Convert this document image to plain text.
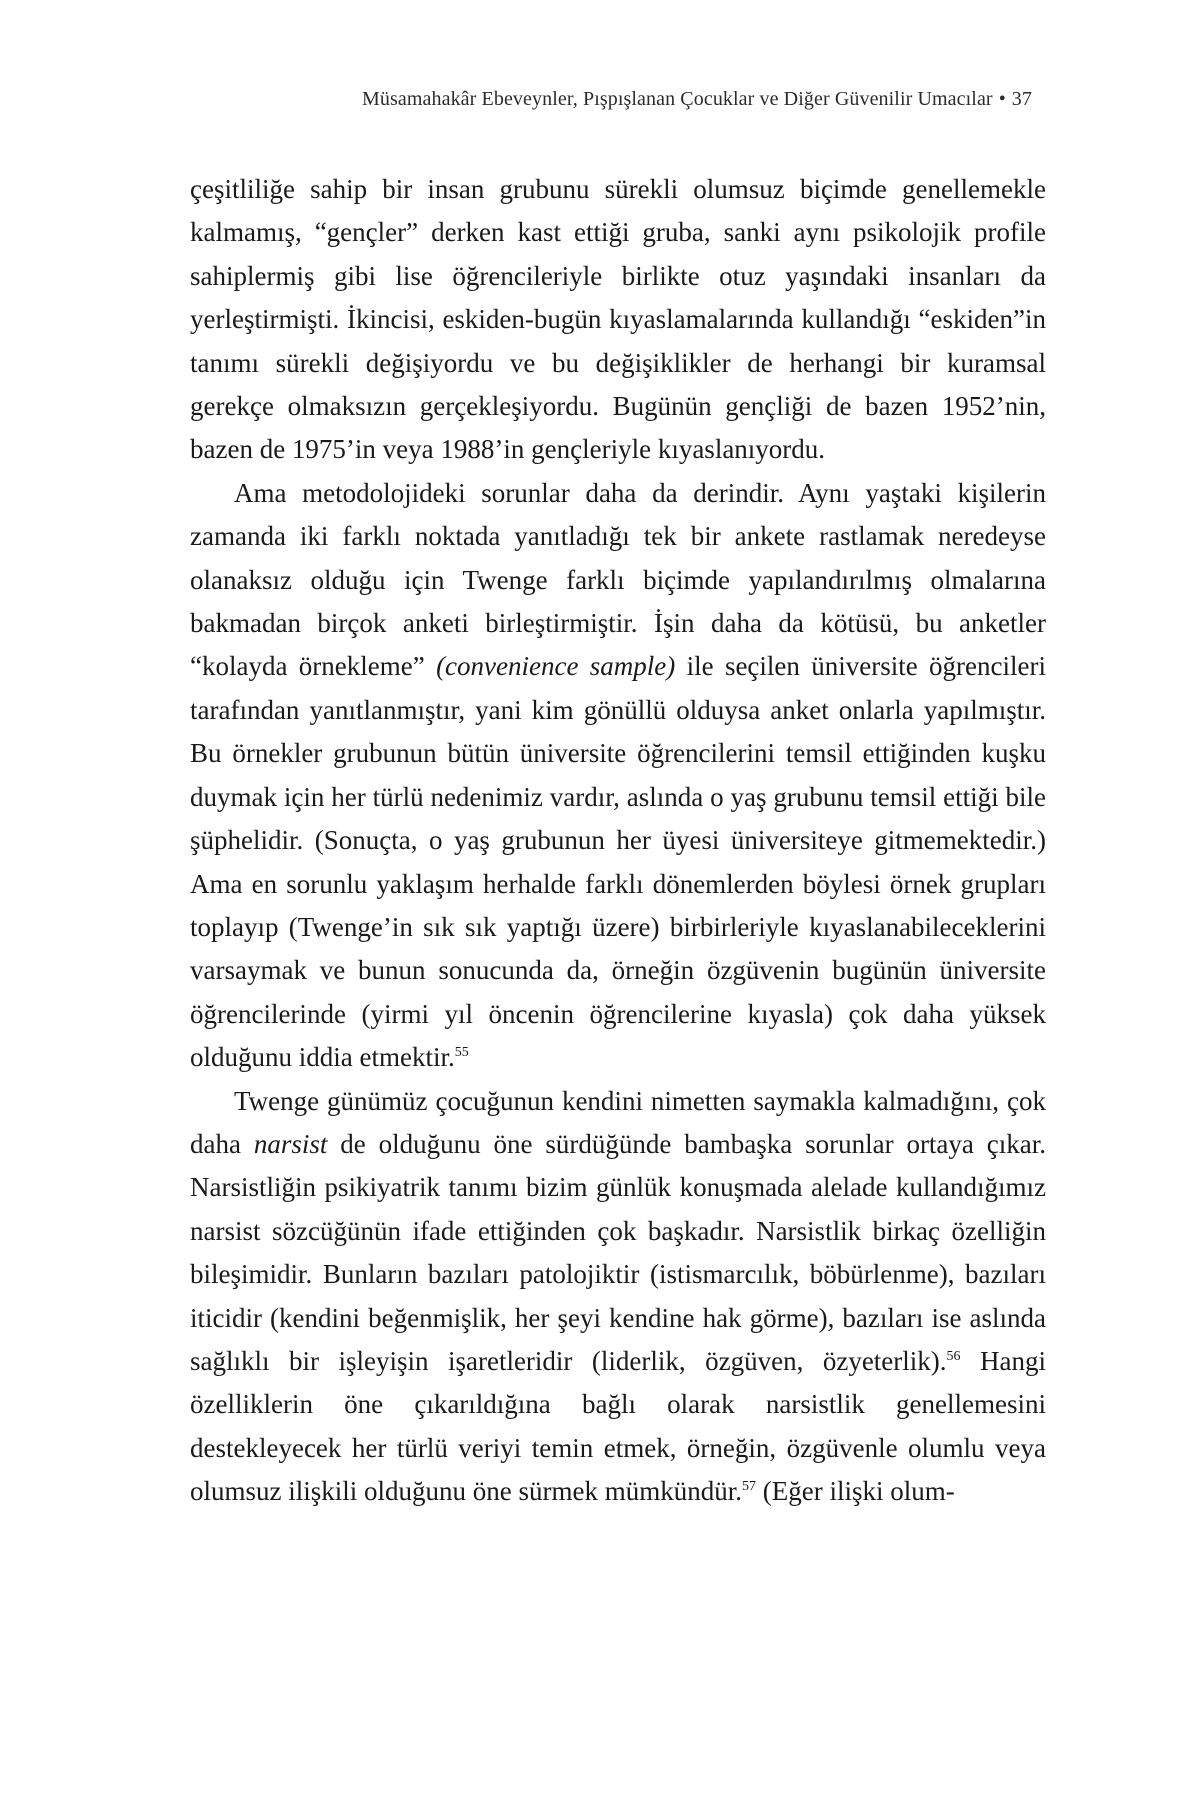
Müsamahakâr Ebeveynler, Pışpışlanan Çocuklar ve Diğer Güvenilir Umacılar • 37

çeşitliliğe sahip bir insan grubunu sürekli olumsuz biçimde genellemekle kalmamış, “gençler” derken kast ettiği gruba, sanki aynı psikolojik profile sahiplermiş gibi lise öğrencileriyle birlikte otuz yaşındaki insanları da yerleştirmişti. İkincisi, eskiden-bugün kıyaslamalarında kullandığı “eskiden”in tanımı sürekli değişiyordu ve bu değişiklikler de herhangi bir kuramsal gerekçe olmaksızın gerçekleşiyordu. Bugünün gençliği de bazen 1952’nin, bazen de 1975’in veya 1988’in gençleriyle kıyaslanıyordu.

Ama metodolojideki sorunlar daha da derindir. Aynı yaştaki kişilerin zamanda iki farklı noktada yanıtladığı tek bir ankete rastlamak neredeyse olanaksız olduğu için Twenge farklı biçimde yapılandırılmış olmalarına bakmadan birçok anketi birleştirmiştir. İşin daha da kötüsü, bu anketler “kolayda örnekleme” (convenience sample) ile seçilen üniversite öğrencileri tarafından yanıtlanmıştır, yani kim gönüllü olduysa anket onlarla yapılmıştır. Bu örnekler grubunun bütün üniversite öğrencilerini temsil ettiğinden kuşku duymak için her türlü nedenimiz vardır, aslında o yaş grubunu temsil ettiği bile şüphelidir. (Sonuçta, o yaş grubunun her üyesi üniversiteye gitmemektedir.) Ama en sorunlu yaklaşım herhalde farklı dönemlerden böylesi örnek grupları toplayıp (Twenge’in sık sık yaptığı üzere) birbirleriyle kıyaslanabileceklerini varsaymak ve bunun sonucunda da, örneğin özgüvenin bugünün üniversite öğrencilerinde (yirmi yıl öncenin öğrencilerine kıyasla) çok daha yüksek olduğunu iddia etmektir.$^{55}$

Twenge günümüz çocuğunun kendini nimetten saymakla kalmadığını, çok daha narsist de olduğunu öne sürdüğünde bambaşka sorunlar ortaya çıkar. Narsistliğin psikiyatrik tanımı bizim günlük konuşmada alelade kullandığımız narsist sözcüğünün ifade ettiğinden çok başkadır. Narsistlik birkaç özelliğin bileşimidir. Bunların bazıları patolojiktir (istismarcılık, böbürlenme), bazıları iticidir (kendini beğenmişlik, her şeyi kendine hak görme), bazıları ise aslında sağlıklı bir işleyişin işaretleridir (liderlik, özgüven, özyeterlik).$^{56}$ Hangi özelliklerin öne çıkarıldığına bağlı olarak narsistlik genellemesini destekleyecek her türlü veriyi temin etmek, örneğin, özgüvenle olumlu veya olumsuz ilişkili olduğunu öne sürmek mümkündür.$^{57}$ (Eğer ilişki olum-
